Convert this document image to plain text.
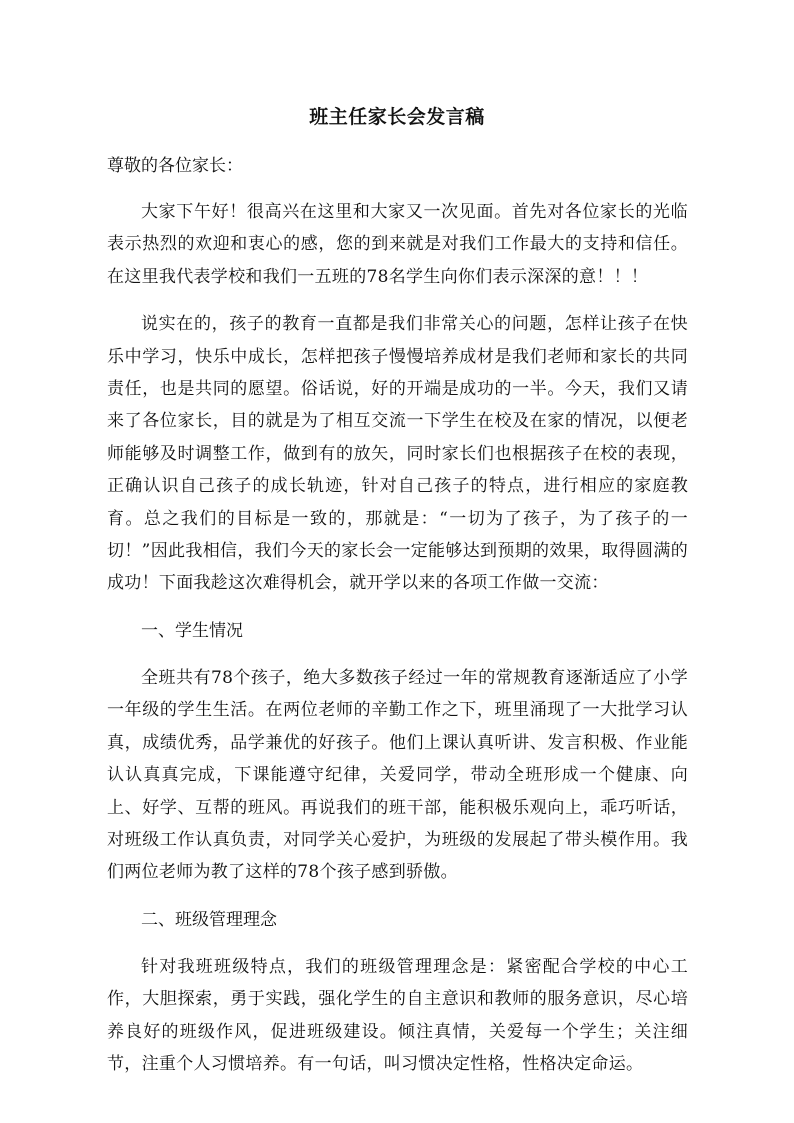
班主任家长会发言稿

尊敬的各位家长：

大家下午好！很高兴在这里和大家又一次见面。首先对各位家长的光临表示热烈的欢迎和衷心的感，您的到来就是对我们工作最大的支持和信任。在这里我代表学校和我们一五班的78名学生向你们表示深深的意！！！

说实在的，孩子的教育一直都是我们非常关心的问题，怎样让孩子在快乐中学习，快乐中成长，怎样把孩子慢慢培养成材是我们老师和家长的共同责任，也是共同的愿望。俗话说，好的开端是成功的一半。今天，我们又请来了各位家长，目的就是为了相互交流一下学生在校及在家的情况，以便老师能够及时调整工作，做到有的放矢，同时家长们也根据孩子在校的表现，正确认识自己孩子的成长轨迹，针对自己孩子的特点，进行相应的家庭教育。总之我们的目标是一致的，那就是：“一切为了孩子，为了孩子的一切！”因此我相信，我们今天的家长会一定能够达到预期的效果，取得圆满的成功！下面我趁这次难得机会，就开学以来的各项工作做一交流：

一、学生情况

全班共有78个孩子，绝大多数孩子经过一年的常规教育逐渐适应了小学一年级的学生生活。在两位老师的辛勤工作之下，班里涌现了一大批学习认真，成绩优秀，品学兼优的好孩子。他们上课认真听讲、发言积极、作业能认认真真完成，下课能遵守纪律，关爱同学，带动全班形成一个健康、向上、好学、互帮的班风。再说我们的班干部，能积极乐观向上，乖巧听话，对班级工作认真负责，对同学关心爱护，为班级的发展起了带头模作用。我们两位老师为教了这样的78个孩子感到骄傲。

二、班级管理理念

针对我班班级特点，我们的班级管理理念是：紧密配合学校的中心工作，大胆探索，勇于实践，强化学生的自主意识和教师的服务意识，尽心培养良好的班级作风，促进班级建设。倾注真情，关爱每一个学生；关注细节，注重个人习惯培养。有一句话，叫习惯决定性格，性格决定命运。
